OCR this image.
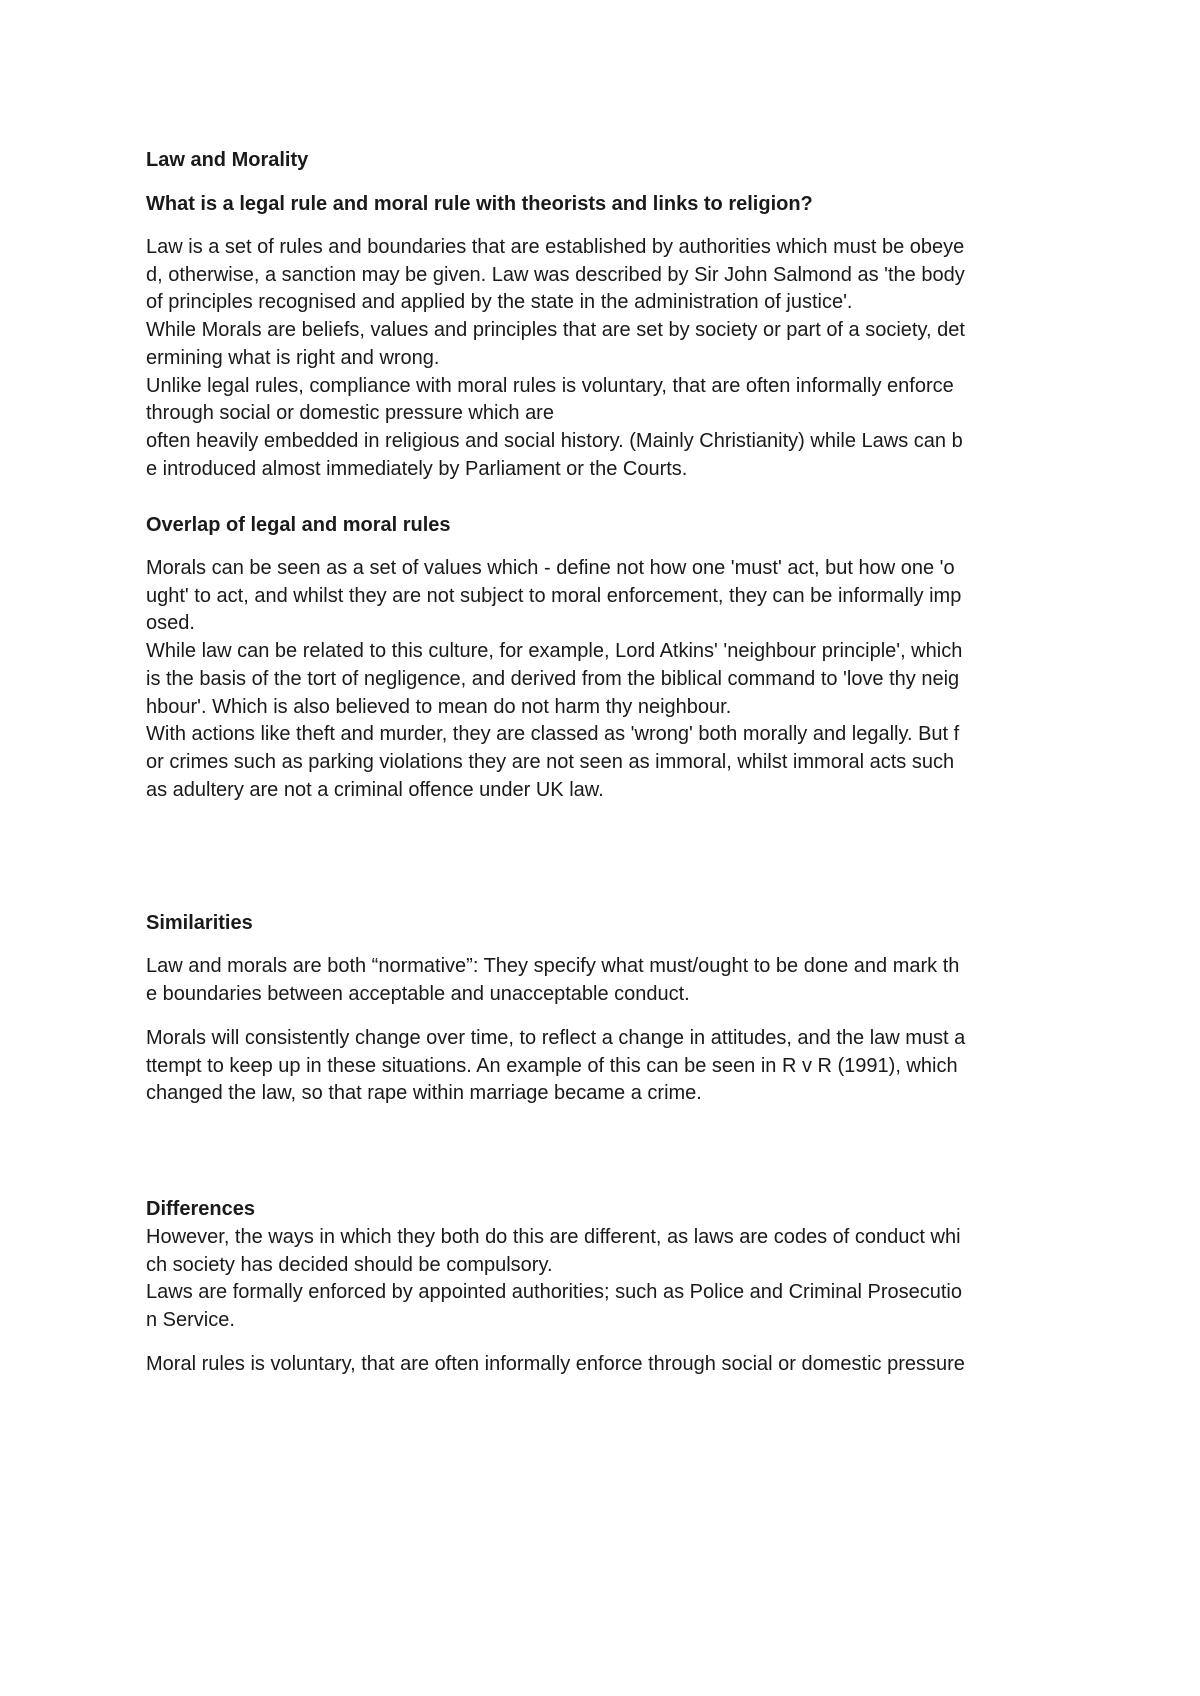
Law and Morality
What is a legal rule and moral rule with theorists and links to religion?
Law is a set of rules and boundaries that are established by authorities which must be obeye
d, otherwise, a sanction may be given. Law was described by Sir John Salmond as 'the body
of principles recognised and applied by the state in the administration of justice'.
While Morals are beliefs, values and principles that are set by society or part of a society, det
ermining what is right and wrong.
Unlike legal rules, compliance with moral rules is voluntary, that are often informally enforce
through social or domestic pressure which are
often heavily embedded in religious and social history. (Mainly Christianity) while Laws can b
e introduced almost immediately by Parliament or the Courts.
Overlap of legal and moral rules
Morals can be seen as a set of values which - define not how one 'must' act, but how one 'o
ught' to act, and whilst they are not subject to moral enforcement, they can be informally imp
osed.
While law can be related to this culture, for example, Lord Atkins' 'neighbour principle', which
is the basis of the tort of negligence, and derived from the biblical command to 'love thy neig
hbour'. Which is also believed to mean do not harm thy neighbour.
With actions like theft and murder, they are classed as 'wrong' both morally and legally. But f
or crimes such as parking violations they are not seen as immoral, whilst immoral acts such
as adultery are not a criminal offence under UK law.
Similarities
Law and morals are both “normative”: They specify what must/ought to be done and mark th
e boundaries between acceptable and unacceptable conduct.
Morals will consistently change over time, to reflect a change in attitudes, and the law must a
ttempt to keep up in these situations. An example of this can be seen in R v R (1991), which
changed the law, so that rape within marriage became a crime.
Differences
However, the ways in which they both do this are different, as laws are codes of conduct whi
ch society has decided should be compulsory.
Laws are formally enforced by appointed authorities; such as Police and Criminal Prosecutio
n Service.
Moral rules is voluntary, that are often informally enforce through social or domestic pressure
